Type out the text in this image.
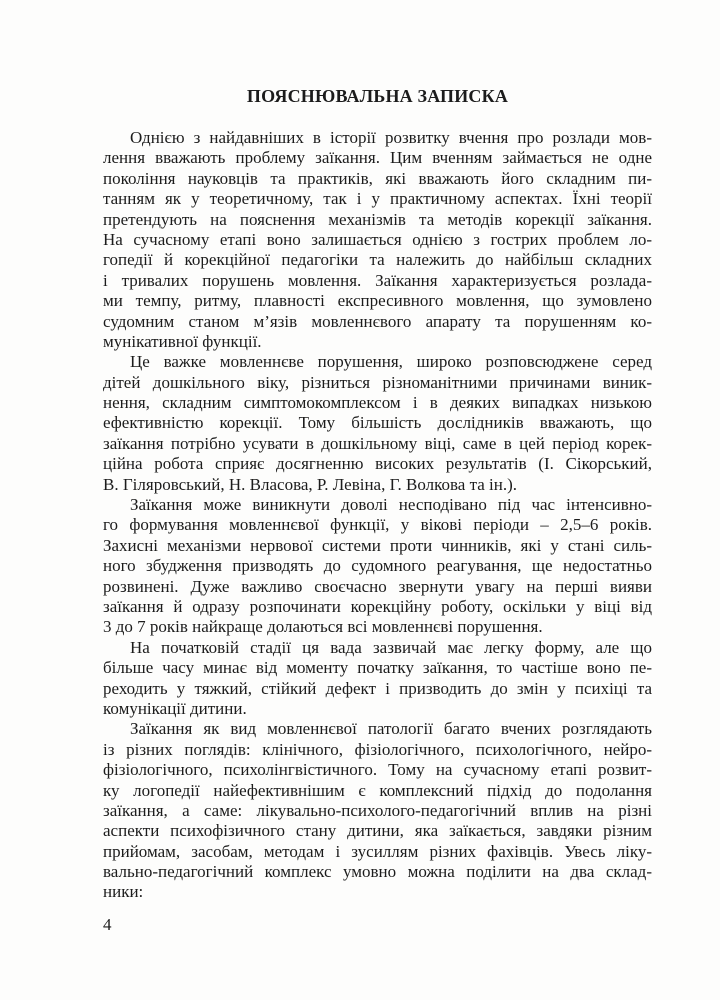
ПОЯСНЮВАЛЬНА ЗАПИСКА
Однією з найдавніших в історії розвитку вчення про розлади мов-
лення вважають проблему заїкання. Цим вченням займається не одне
покоління науковців та практиків, які вважають його складним пи-
танням як у теоретичному, так і у практичному аспектах. Їхні теорії
претендують на пояснення механізмів та методів корекції заїкання.
На сучасному етапі воно залишається однією з гострих проблем ло-
гопедії й корекційної педагогіки та належить до найбільш складних
і тривалих порушень мовлення. Заїкання характеризується розлада-
ми темпу, ритму, плавності експресивного мовлення, що зумовлено
судомним станом м’язів мовленнєвого апарату та порушенням ко-
мунікативної функції.
Це важке мовленнєве порушення, широко розповсюджене серед
дітей дошкільного віку, різниться різноманітними причинами виник-
нення, складним симптомокомплексом і в деяких випадках низькою
ефективністю корекції. Тому більшість дослідників вважають, що
заїкання потрібно усувати в дошкільному віці, саме в цей період корек-
ційна робота сприяє досягненню високих результатів (І. Сікорський,
В. Гіляровський, Н. Власова, Р. Левіна, Г. Волкова та ін.).
Заїкання може виникнути доволі несподівано під час інтенсивно-
го формування мовленнєвої функції, у вікові періоди – 2,5–6 років.
Захисні механізми нервової системи проти чинників, які у стані силь-
ного збудження призводять до судомного реагування, ще недостатньо
розвинені. Дуже важливо своєчасно звернути увагу на перші вияви
заїкання й одразу розпочинати корекційну роботу, оскільки у віці від
3 до 7 років найкраще долаються всі мовленнєві порушення.
На початковій стадії ця вада зазвичай має легку форму, але що
більше часу минає від моменту початку заїкання, то частіше воно пе-
реходить у тяжкий, стійкий дефект і призводить до змін у психіці та
комунікації дитини.
Заїкання як вид мовленнєвої патології багато вчених розглядають
із різних поглядів: клінічного, фізіологічного, психологічного, нейро-
фізіологічного, психолінгвістичного. Тому на сучасному етапі розвит-
ку логопедії найефективнішим є комплексний підхід до подолання
заїкання, а саме: лікувально-психолого-педагогічний вплив на різні
аспекти психофізичного стану дитини, яка заїкається, завдяки різним
прийомам, засобам, методам і зусиллям різних фахівців. Увесь ліку-
вально-педагогічний комплекс умовно можна поділити на два склад-
ники:
4
